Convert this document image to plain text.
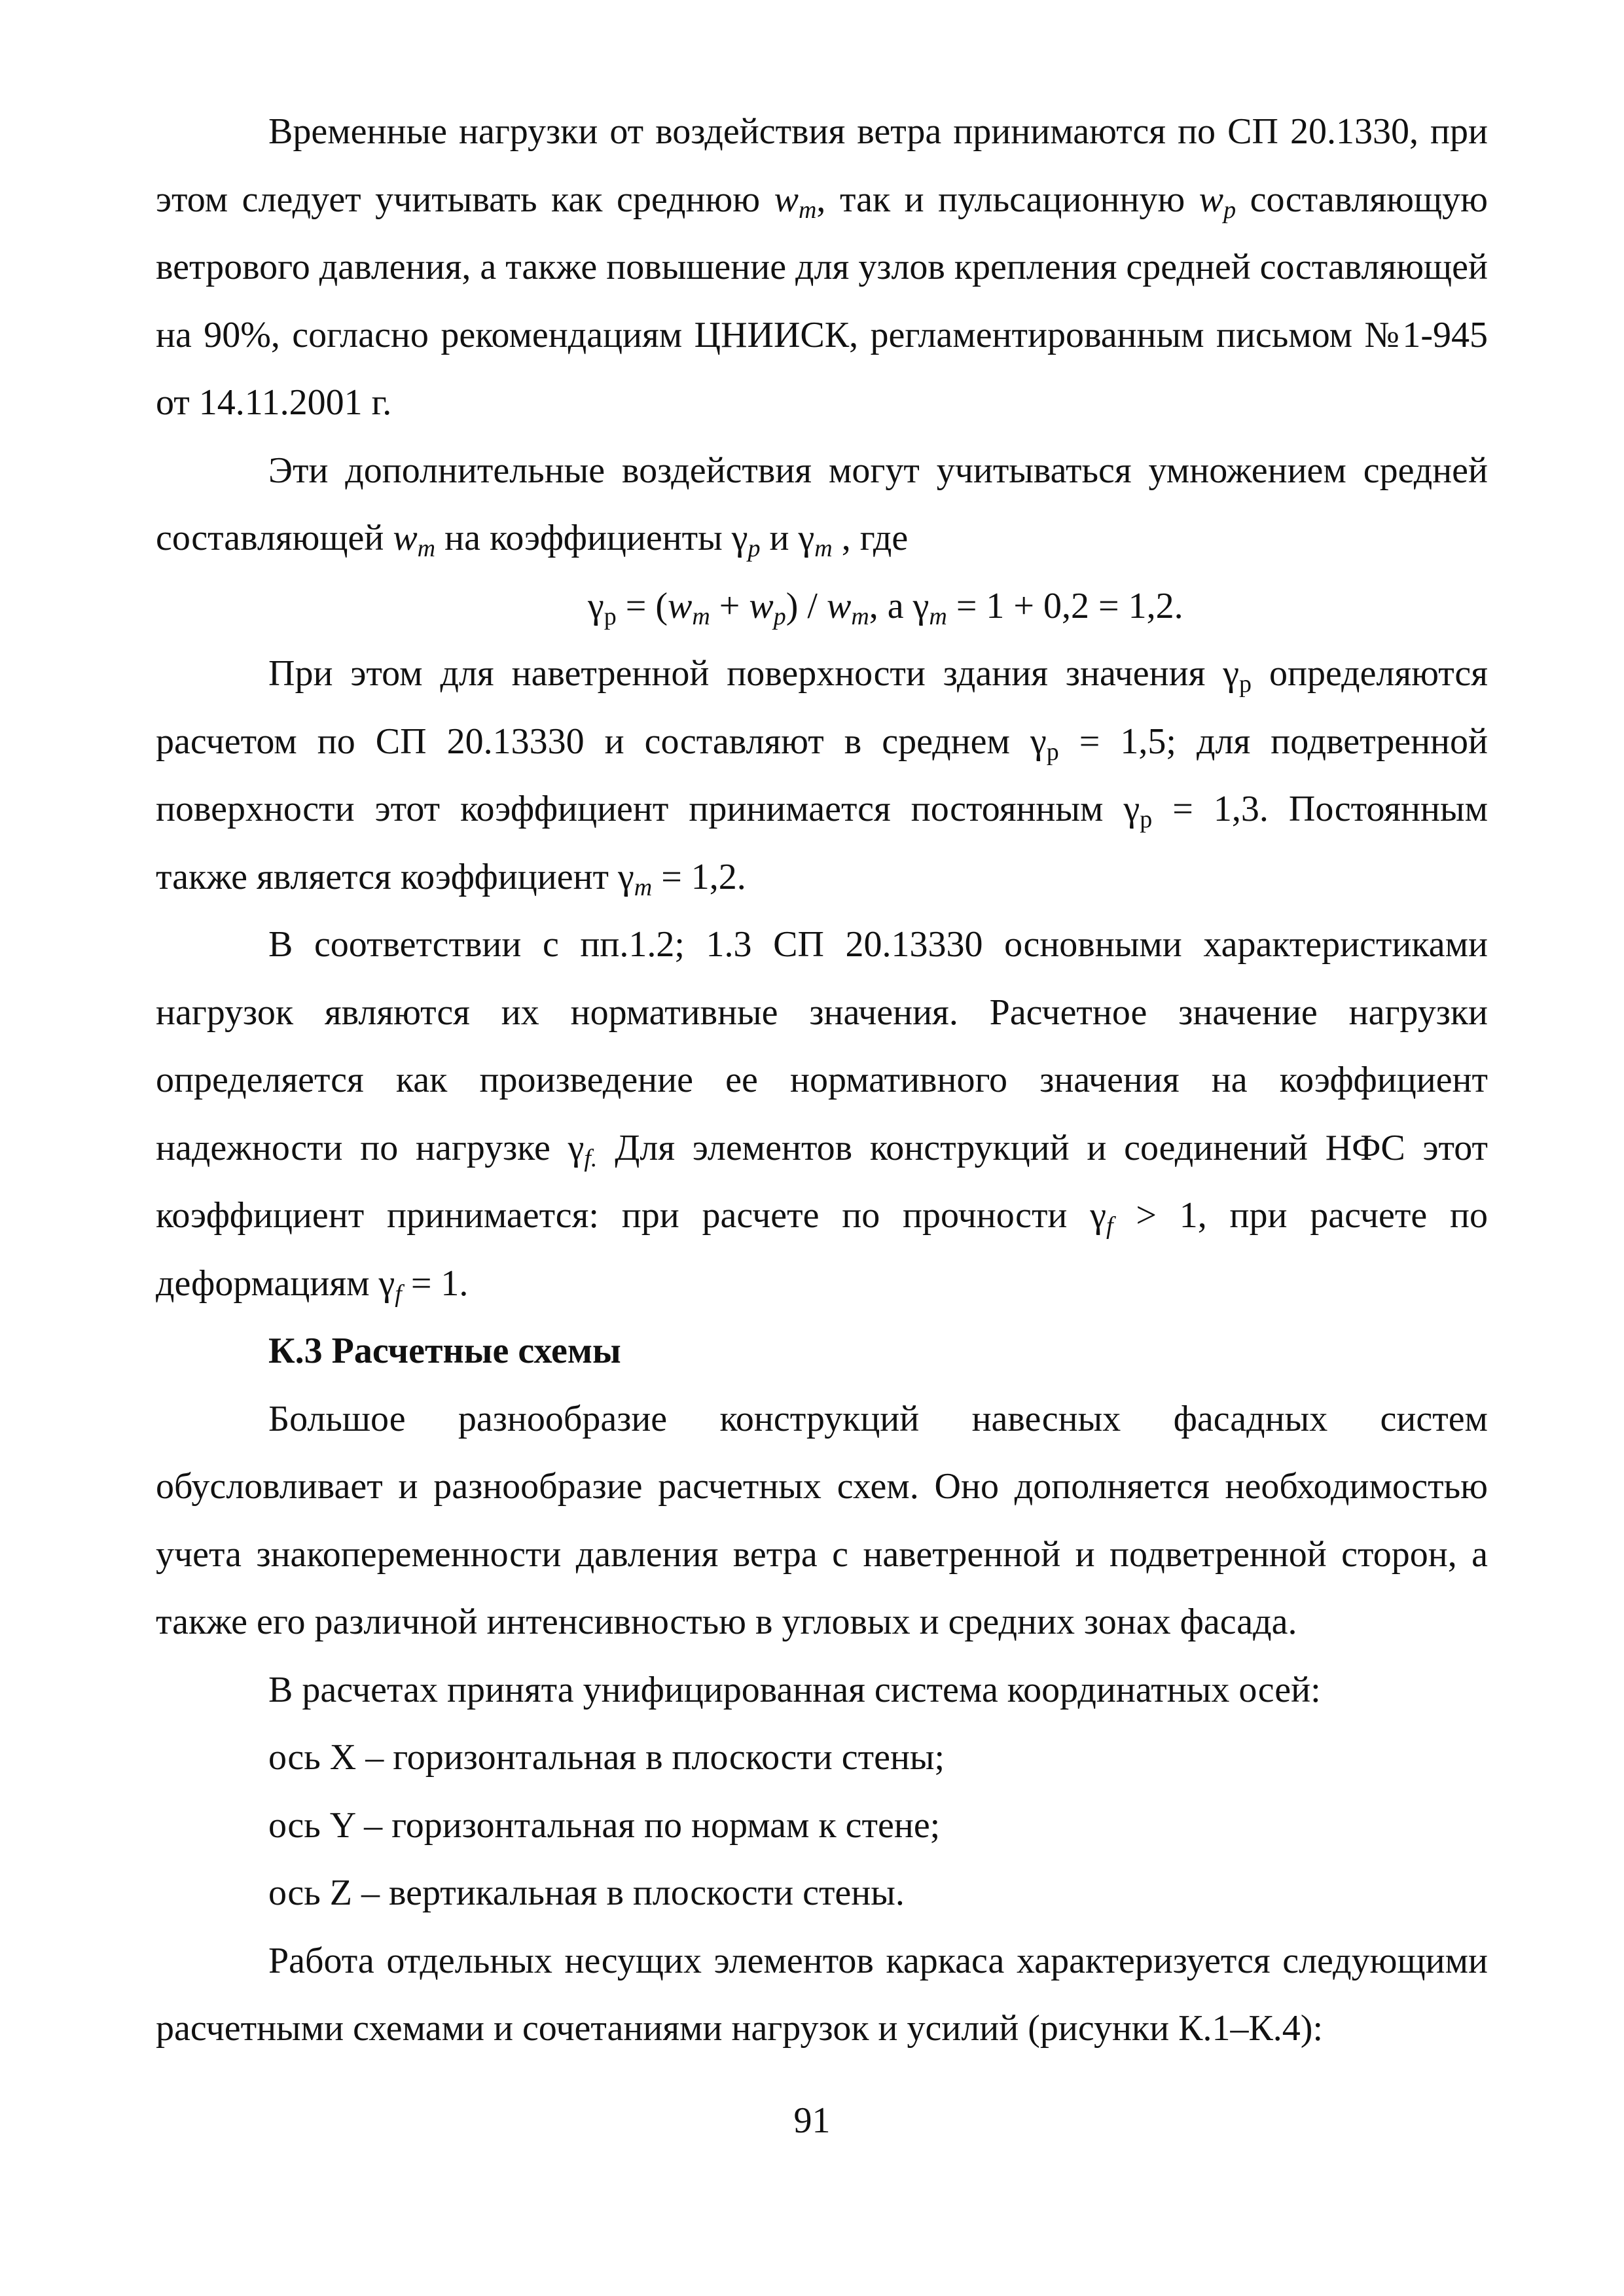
Временные нагрузки от воздействия ветра принимаются по СП 20.1330, при этом следует учитывать как среднюю $w_m$, так и пульсационную $w_p$ составляющую ветрового давления, а также повышение для узлов крепления средней составляющей на 90%, согласно рекомендациям ЦНИИСК, регламентированным письмом №1-945 от 14.11.2001 г.

Эти дополнительные воздействия могут учитываться умножением средней составляющей $w_m$ на коэффициенты $\gamma_p$ и $\gamma_m$ , где

$\gamma_р = (w_m + w_p) / w_m$, а $\gamma_m = 1 + 0,2 = 1,2$.

При этом для наветренной поверхности здания значения $\gamma_р$ определяются расчетом по СП 20.13330 и составляют в среднем $\gamma_р = 1,5$; для подветренной поверхности этот коэффициент принимается постоянным $\gamma_р = 1,3$. Постоянным также является коэффициент $\gamma_m = 1,2$.

В соответствии с пп.1.2; 1.3 СП 20.13330 основными характеристиками нагрузок являются их нормативные значения. Расчетное значение нагрузки определяется как произведение ее нормативного значения на коэффициент надежности по нагрузке $\gamma_{f.}$ Для элементов конструкций и соединений НФС этот коэффициент принимается: при расчете по прочности $\gamma_f > 1$, при расчете по деформациям $\gamma_f = 1$.

К.3 Расчетные схемы

Большое разнообразие конструкций навесных фасадных систем обусловливает и разнообразие расчетных схем. Оно дополняется необходимостью учета знакопеременности давления ветра с наветренной и подветренной сторон, а также его различной интенсивностью в угловых и средних зонах фасада.

В расчетах принята унифицированная система координатных осей:

ось X – горизонтальная в плоскости стены;

ось Y – горизонтальная по нормам к стене;

ось Z – вертикальная в плоскости стены.

Работа отдельных несущих элементов каркаса характеризуется следующими расчетными схемами и сочетаниями нагрузок и усилий (рисунки К.1–К.4):

91
